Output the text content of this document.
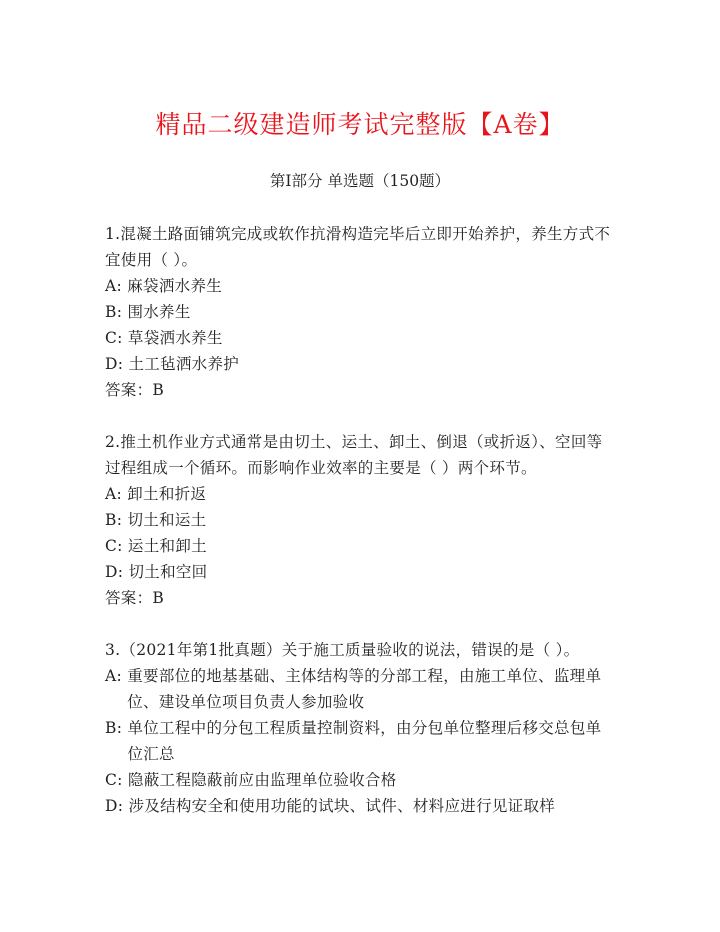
精品二级建造师考试完整版【A卷】
第Ⅰ部分 单选题（150题）
1.混凝土路面铺筑完成或软作抗滑构造完毕后立即开始养护，养生方式不宜使用（ ）。
A: 麻袋洒水养生
B: 围水养生
C: 草袋洒水养生
D: 土工毡洒水养护
答案：B
2.推土机作业方式通常是由切土、运土、卸土、倒退（或折返）、空回等过程组成一个循环。而影响作业效率的主要是（ ）两个环节。
A: 卸土和折返
B: 切土和运土
C: 运土和卸土
D: 切土和空回
答案：B
3.（2021年第1批真题）关于施工质量验收的说法，错误的是（ ）。
A: 重要部位的地基基础、主体结构等的分部工程，由施工单位、监理单位、建设单位项目负责人参加验收
B: 单位工程中的分包工程质量控制资料，由分包单位整理后移交总包单位汇总
C: 隐蔽工程隐蔽前应由监理单位验收合格
D: 涉及结构安全和使用功能的试块、试件、材料应进行见证取样
